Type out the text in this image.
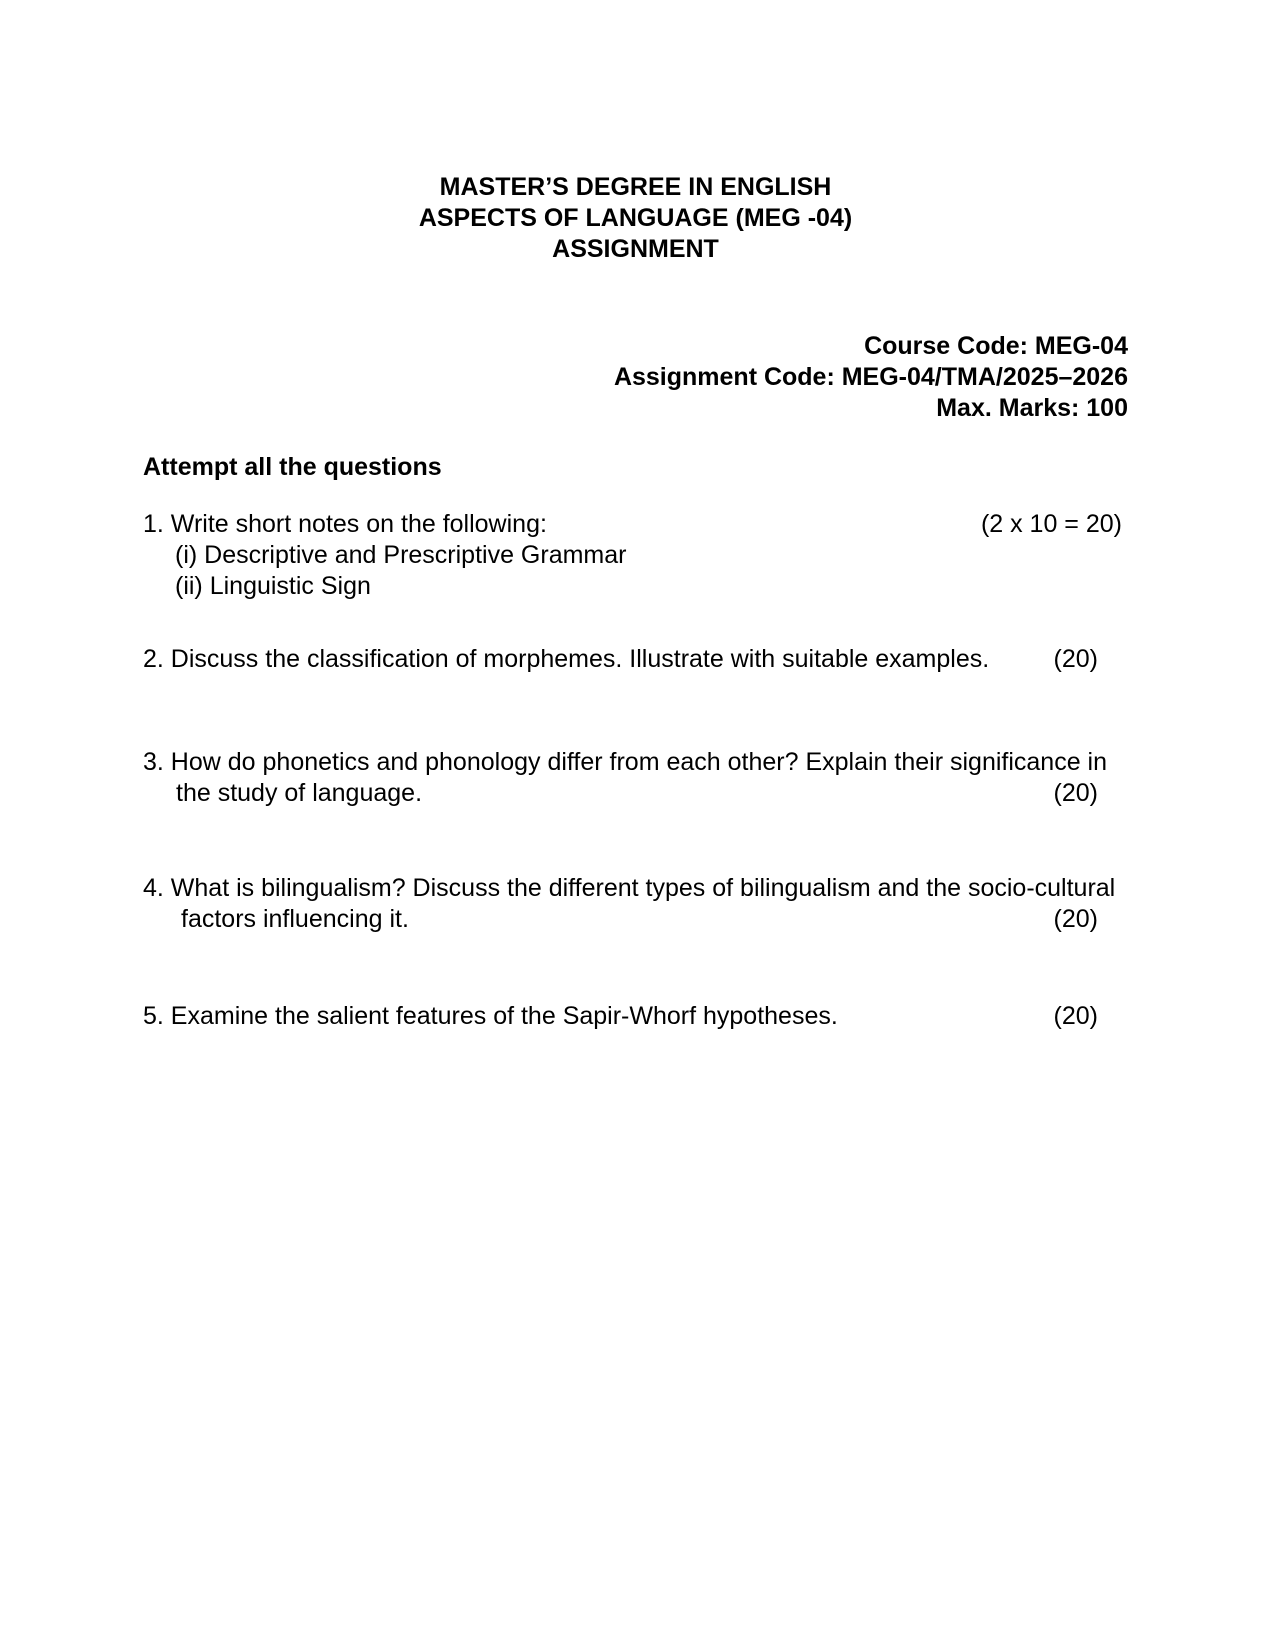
MASTER’S DEGREE IN ENGLISH
ASPECTS OF LANGUAGE (MEG -04)
ASSIGNMENT
Course Code: MEG-04
Assignment Code: MEG-04/TMA/2025–2026
Max. Marks: 100
Attempt all the questions
1. Write short notes on the following:	(2 x 10 = 20)
(i) Descriptive and Prescriptive Grammar
(ii) Linguistic Sign
2. Discuss the classification of morphemes. Illustrate with suitable examples.	(20)
3. How do phonetics and phonology differ from each other? Explain their significance in
the study of language.	(20)
4. What is bilingualism? Discuss the different types of bilingualism and the socio-cultural
factors influencing it.	(20)
5. Examine the salient features of the Sapir-Whorf hypotheses.	(20)
